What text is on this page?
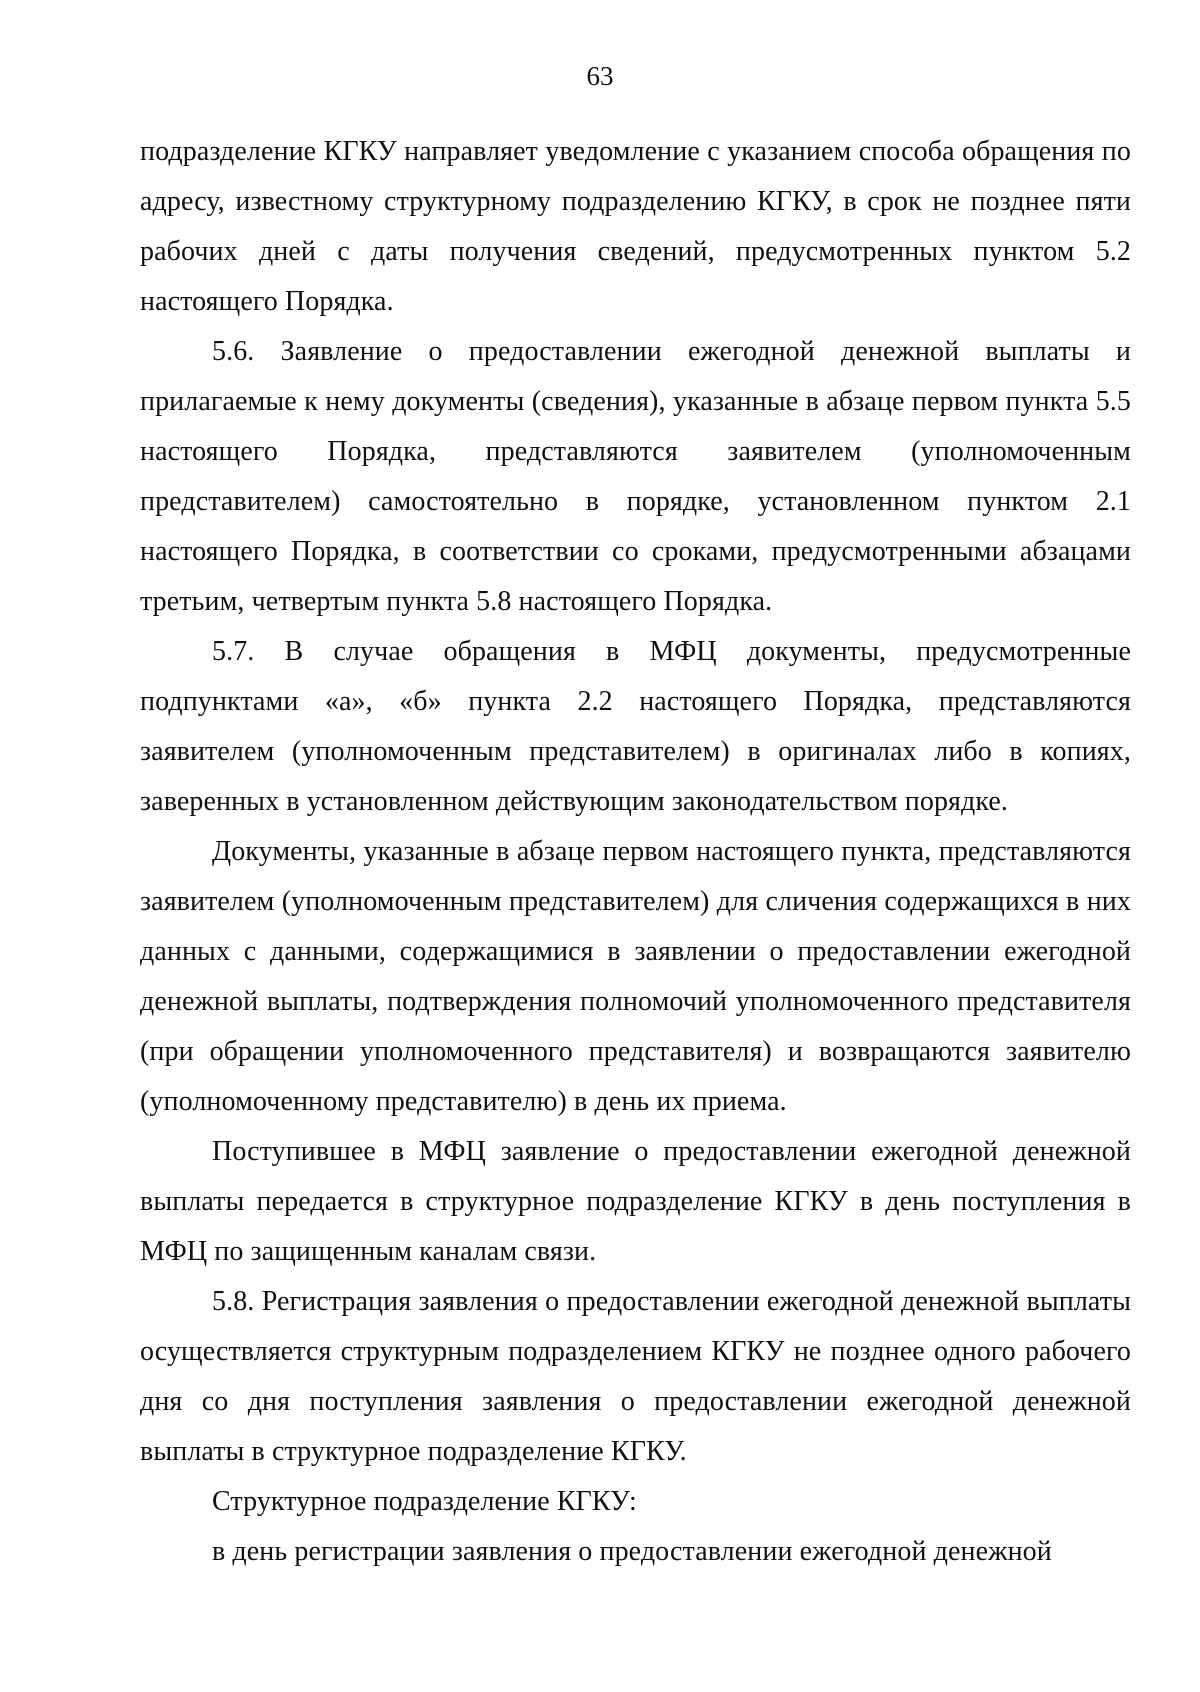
63

подразделение КГКУ направляет уведомление с указанием способа обращения по адресу, известному структурному подразделению КГКУ, в срок не позднее пяти рабочих дней с даты получения сведений, предусмотренных пунктом 5.2 настоящего Порядка.

5.6. Заявление о предоставлении ежегодной денежной выплаты и прилагаемые к нему документы (сведения), указанные в абзаце первом пункта 5.5 настоящего Порядка, представляются заявителем (уполномоченным представителем) самостоятельно в порядке, установленном пунктом 2.1 настоящего Порядка, в соответствии со сроками, предусмотренными абзацами третьим, четвертым пункта 5.8 настоящего Порядка.

5.7. В случае обращения в МФЦ документы, предусмотренные подпунктами «а», «б» пункта 2.2 настоящего Порядка, представляются заявителем (уполномоченным представителем) в оригиналах либо в копиях, заверенных в установленном действующим законодательством порядке.

Документы, указанные в абзаце первом настоящего пункта, представляются заявителем (уполномоченным представителем) для сличения содержащихся в них данных с данными, содержащимися в заявлении о предоставлении ежегодной денежной выплаты, подтверждения полномочий уполномоченного представителя (при обращении уполномоченного представителя) и возвращаются заявителю (уполномоченному представителю) в день их приема.

Поступившее в МФЦ заявление о предоставлении ежегодной денежной выплаты передается в структурное подразделение КГКУ в день поступления в МФЦ по защищенным каналам связи.

5.8. Регистрация заявления о предоставлении ежегодной денежной выплаты осуществляется структурным подразделением КГКУ не позднее одного рабочего дня со дня поступления заявления о предоставлении ежегодной денежной выплаты в структурное подразделение КГКУ.

Структурное подразделение КГКУ:

в день регистрации заявления о предоставлении ежегодной денежной
